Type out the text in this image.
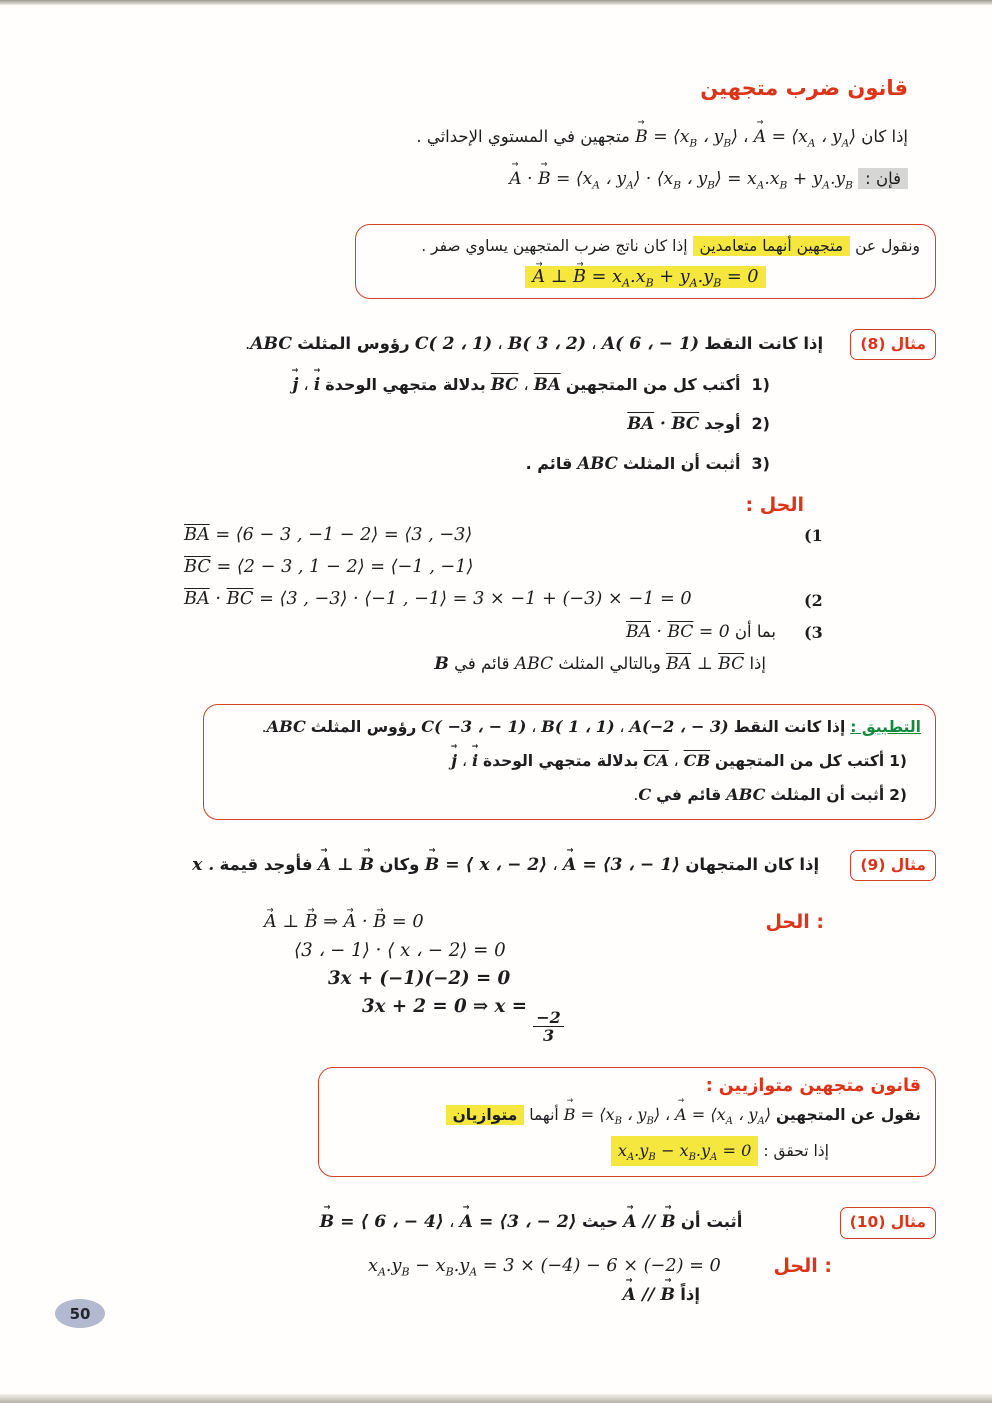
قانون ضرب متجهين
إذا كان A → = $⟨x_A$ ، $y_A⟩$ ، B → = $⟨x_B$ ، $y_B⟩$ متجهين في المستوي الإحداثي .
فإن : A → · B → = $⟨x_A$ ، $y_A⟩$ · $⟨x_B$ ، $y_B⟩ = x_A.x_B + y_A.y_B$
ونقول عن متجهين أنهما متعامدين إذا كان ناتج ضرب المتجهين يساوي صفر .
A → ⊥ B → = $x_A.x_B + y_A.y_B = 0$
مثال (8) إذا كانت النقط A( 6 ، − 1) ، B( 3 ، 2) ، C( 2 ، 1) رؤوس المثلث ABC.
1) أكتب كل من المتجهين $\overline{BA}$ ، $\overline{BC}$ بدلالة متجهي الوحدة i → ، j →
2) أوجد $\overline{BA} \cdot \overline{BC}$
3) أثبت أن المثلث ABC قائم .
الحل :
$\overline{BA}$ = ⟨6 − 3 , −1 − 2⟩ = ⟨3 , −3⟩	(1
$\overline{BC}$ = ⟨2 − 3 , 1 − 2⟩ = ⟨−1 , −1⟩
$\overline{BA} \cdot \overline{BC}$ = ⟨3 , −3⟩ · ⟨−1 , −1⟩ = 3 × −1 + (−3) × −1 = 0	(2
بما أن $\overline{BA} \cdot \overline{BC} = 0$	(3
إذا $\overline{BA}$ ⊥ $\overline{BC}$ وبالتالي المثلث ABC قائم في B
التطبيق : إذا كانت النقط A(−2 ، − 3) ، B( 1 ، 1) ، C( −3 ، − 1) رؤوس المثلث ABC.
1) أكتب كل من المتجهين $\overline{CB}$ ، $\overline{CA}$ بدلالة متجهي الوحدة i → ، j →
2) أثبت أن المثلث ABC قائم في C.
مثال (9) إذا كان المتجهان A → = ⟨3 ، − 1⟩ ، B → = ⟨ x ، − 2⟩ وكان A → ⊥ B → فأوجد قيمة x .
A → ⊥ B → ⇒ A → · B → = 0	الحل :
⟨3 ، − 1⟩ · ⟨ x ، − 2⟩ = 0
3x + (−1)(−2) = 0
3x + 2 = 0 ⇒ x =
$\frac{-2}{3}$
قانون متجهين متوازيين :
نقول عن المتجهين A → = $⟨x_A$ ، $y_A⟩$ ، B → = $⟨x_B$ ، $y_B⟩$ أنهما متوازيان
إذا تحقق : $x_A.y_B - x_B.y_A = 0$
مثال (10) أثبت أن A → // B → حيث A → = ⟨3 ، − 2⟩ ، B → = ⟨ 6 ، − 4⟩
$x_A.y_B - x_B.y_A = 3 \times (-4) - 6 \times (-2) = 0$	الحل :
إذاً A → // B →
50
